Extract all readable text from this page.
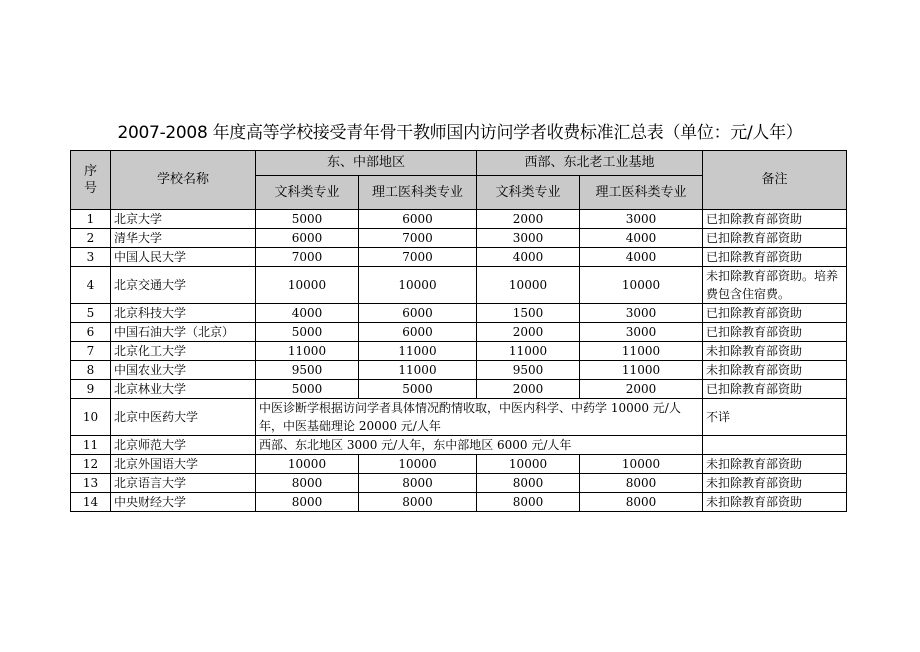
2007-2008 年度高等学校接受青年骨干教师国内访问学者收费标准汇总表（单位：元/人年）
序号	学校名称	东、中部地区		西部、东北老工业基地		备注
		文科类专业	理工医科类专业	文科类专业	理工医科类专业	
1	北京大学	5000	6000	2000	3000	已扣除教育部资助
2	清华大学	6000	7000	3000	4000	已扣除教育部资助
3	中国人民大学	7000	7000	4000	4000	已扣除教育部资助
4	北京交通大学	10000	10000	10000	10000	未扣除教育部资助。培养费包含住宿费。
5	北京科技大学	4000	6000	1500	3000	已扣除教育部资助
6	中国石油大学（北京）	5000	6000	2000	3000	已扣除教育部资助
7	北京化工大学	11000	11000	11000	11000	未扣除教育部资助
8	中国农业大学	9500	11000	9500	11000	未扣除教育部资助
9	北京林业大学	5000	5000	2000	2000	已扣除教育部资助
10	北京中医药大学	中医诊断学根据访问学者具体情况酌情收取，中医内科学、中药学 10000 元/人年，中医基础理论 20000 元/人年				不详
11	北京师范大学	西部、东北地区 3000 元/人年，东中部地区 6000 元/人年				
12	北京外国语大学	10000	10000	10000	10000	未扣除教育部资助
13	北京语言大学	8000	8000	8000	8000	未扣除教育部资助
14	中央财经大学	8000	8000	8000	8000	未扣除教育部资助
